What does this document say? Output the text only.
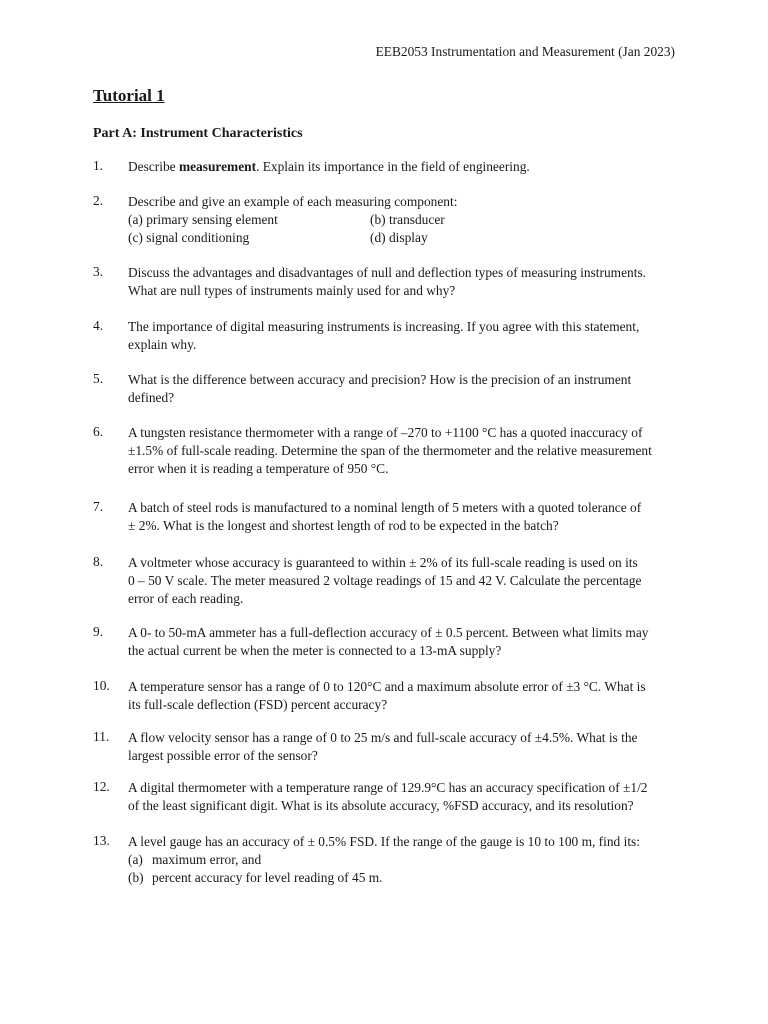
EEB2053 Instrumentation and Measurement (Jan 2023)
Tutorial 1
Part A: Instrument Characteristics
1. Describe measurement. Explain its importance in the field of engineering.
2. Describe and give an example of each measuring component:
(a) primary sensing element	(b) transducer
(c) signal conditioning	(d) display
3. Discuss the advantages and disadvantages of null and deflection types of measuring instruments.
What are null types of instruments mainly used for and why?
4. The importance of digital measuring instruments is increasing. If you agree with this statement,
explain why.
5. What is the difference between accuracy and precision? How is the precision of an instrument
defined?
6. A tungsten resistance thermometer with a range of –270 to +1100 °C has a quoted inaccuracy of
±1.5% of full-scale reading. Determine the span of the thermometer and the relative measurement
error when it is reading a temperature of 950 °C.
7. A batch of steel rods is manufactured to a nominal length of 5 meters with a quoted tolerance of
± 2%. What is the longest and shortest length of rod to be expected in the batch?
8. A voltmeter whose accuracy is guaranteed to within ± 2% of its full-scale reading is used on its
0 – 50 V scale. The meter measured 2 voltage readings of 15 and 42 V. Calculate the percentage
error of each reading.
9. A 0- to 50-mA ammeter has a full-deflection accuracy of ± 0.5 percent. Between what limits may
the actual current be when the meter is connected to a 13-mA supply?
10. A temperature sensor has a range of 0 to 120°C and a maximum absolute error of ±3 °C. What is
its full-scale deflection (FSD) percent accuracy?
11. A flow velocity sensor has a range of 0 to 25 m/s and full-scale accuracy of ±4.5%. What is the
largest possible error of the sensor?
12. A digital thermometer with a temperature range of 129.9°C has an accuracy specification of ±1/2
of the least significant digit. What is its absolute accuracy, %FSD accuracy, and its resolution?
13. A level gauge has an accuracy of ± 0.5% FSD. If the range of the gauge is 10 to 100 m, find its:
(a) maximum error, and
(b) percent accuracy for level reading of 45 m.
